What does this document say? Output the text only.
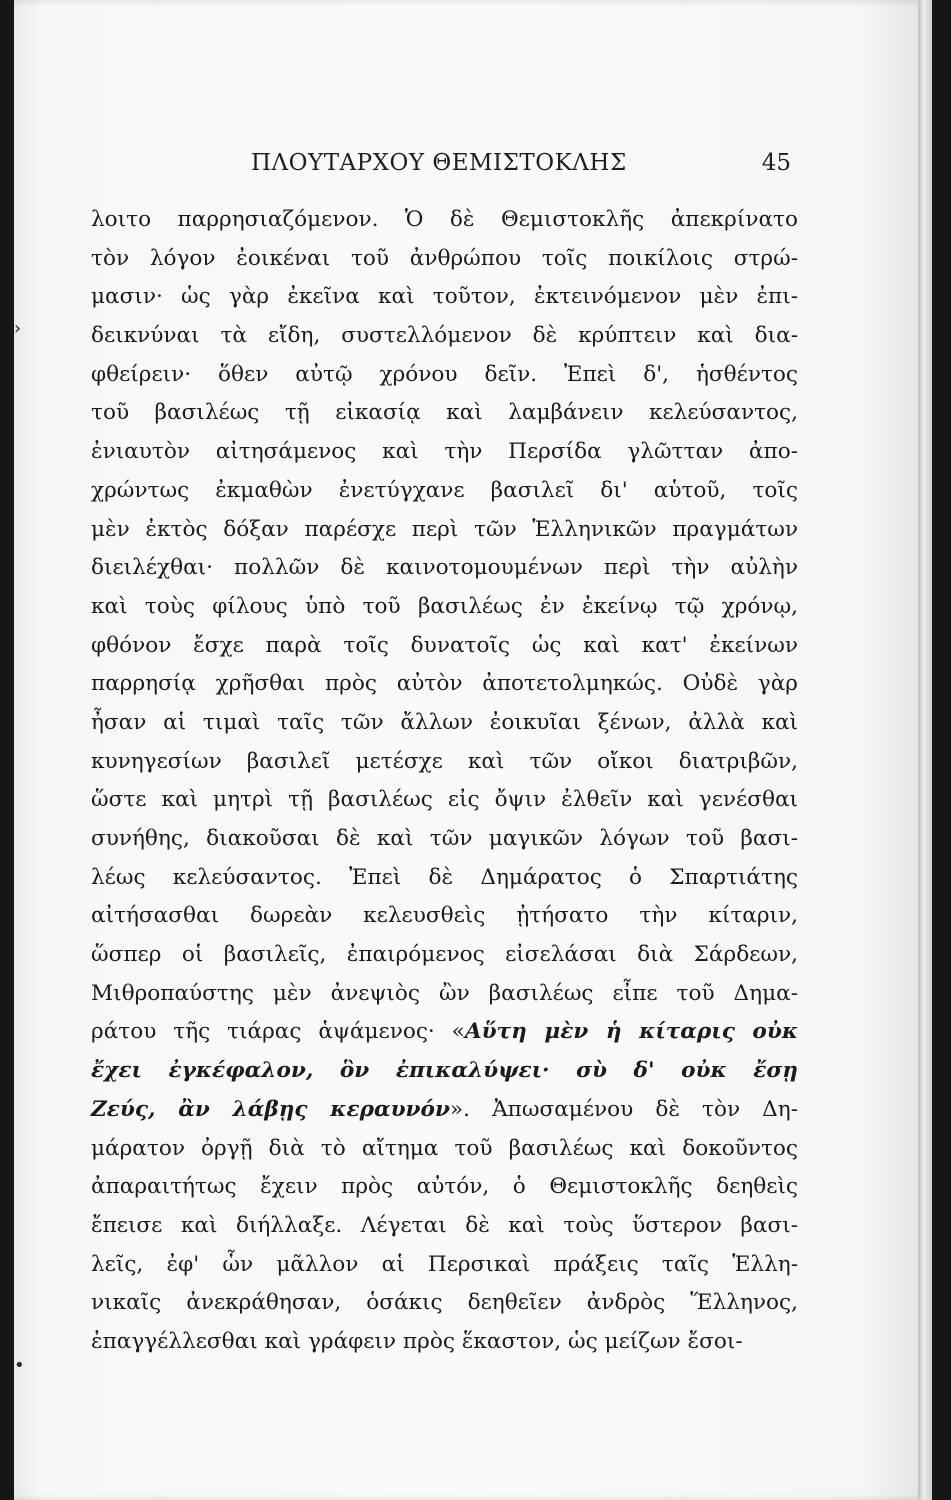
ΠΛΟΥΤΑΡΧΟΥ ΘΕΜΙΣΤΟΚΛΗΣ	45
›
•
λοιτο παρρησιαζόμενον. Ὁ δὲ Θεμιστοκλῆς ἀπεκρίνατο
τὸν λόγον ἐοικέναι τοῦ ἀνθρώπου τοῖς ποικίλοις στρώ-
μασιν· ὡς γὰρ ἐκεῖνα καὶ τοῦτον, ἐκτεινόμενον μὲν ἐπι-
δεικνύναι τὰ εἴδη, συστελλόμενον δὲ κρύπτειν καὶ δια-
φθείρειν· ὅθεν αὐτῷ χρόνου δεῖν. Ἐπεὶ δ', ἡσθέντος
τοῦ βασιλέως τῇ εἰκασίᾳ καὶ λαμβάνειν κελεύσαντος,
ἐνιαυτὸν αἰτησάμενος καὶ τὴν Περσίδα γλῶτταν ἀπο-
χρώντως ἐκμαθὼν ἐνετύγχανε βασιλεῖ δι' αὑτοῦ, τοῖς
μὲν ἐκτὸς δόξαν παρέσχε περὶ τῶν Ἑλληνικῶν πραγμάτων
διειλέχθαι· πολλῶν δὲ καινοτομουμένων περὶ τὴν αὐλὴν
καὶ τοὺς φίλους ὑπὸ τοῦ βασιλέως ἐν ἐκείνῳ τῷ χρόνῳ,
φθόνον ἔσχε παρὰ τοῖς δυνατοῖς ὡς καὶ κατ' ἐκείνων
παρρησίᾳ χρῆσθαι πρὸς αὐτὸν ἀποτετολμηκώς. Οὐδὲ γὰρ
ἦσαν αἱ τιμαὶ ταῖς τῶν ἄλλων ἐοικυῖαι ξένων, ἀλλὰ καὶ
κυνηγεσίων βασιλεῖ μετέσχε καὶ τῶν οἴκοι διατριβῶν,
ὥστε καὶ μητρὶ τῇ βασιλέως εἰς ὄψιν ἐλθεῖν καὶ γενέσθαι
συνήθης, διακοῦσαι δὲ καὶ τῶν μαγικῶν λόγων τοῦ βασι-
λέως κελεύσαντος. Ἐπεὶ δὲ Δημάρατος ὁ Σπαρτιάτης
αἰτήσασθαι δωρεὰν κελευσθεὶς ᾐτήσατο τὴν κίταριν,
ὥσπερ οἱ βασιλεῖς, ἐπαιρόμενος εἰσελάσαι διὰ Σάρδεων,
Μιθροπαύστης μὲν ἀνεψιὸς ὢν βασιλέως εἶπε τοῦ Δημα-
ράτου τῆς τιάρας ἁψάμενος· «Αὕτη μὲν ἡ κίταρις οὐκ
ἔχει ἐγκέφαλον, ὃν ἐπικαλύψει· σὺ δ' οὐκ ἔσῃ
Ζεύς, ἂν λάβῃς κεραυνόν». Ἀπωσαμένου δὲ τὸν Δη-
μάρατον ὀργῇ διὰ τὸ αἴτημα τοῦ βασιλέως καὶ δοκοῦντος
ἀπαραιτήτως ἔχειν πρὸς αὐτόν, ὁ Θεμιστοκλῆς δεηθεὶς
ἔπεισε καὶ διήλλαξε. Λέγεται δὲ καὶ τοὺς ὕστερον βασι-
λεῖς, ἐφ' ὧν μᾶλλον αἱ Περσικαὶ πράξεις ταῖς Ἑλλη-
νικαῖς ἀνεκράθησαν, ὁσάκις δεηθεῖεν ἀνδρὸς Ἕλληνος,
ἐπαγγέλλεσθαι καὶ γράφειν πρὸς ἕκαστον, ὡς μείζων ἔσοι-
